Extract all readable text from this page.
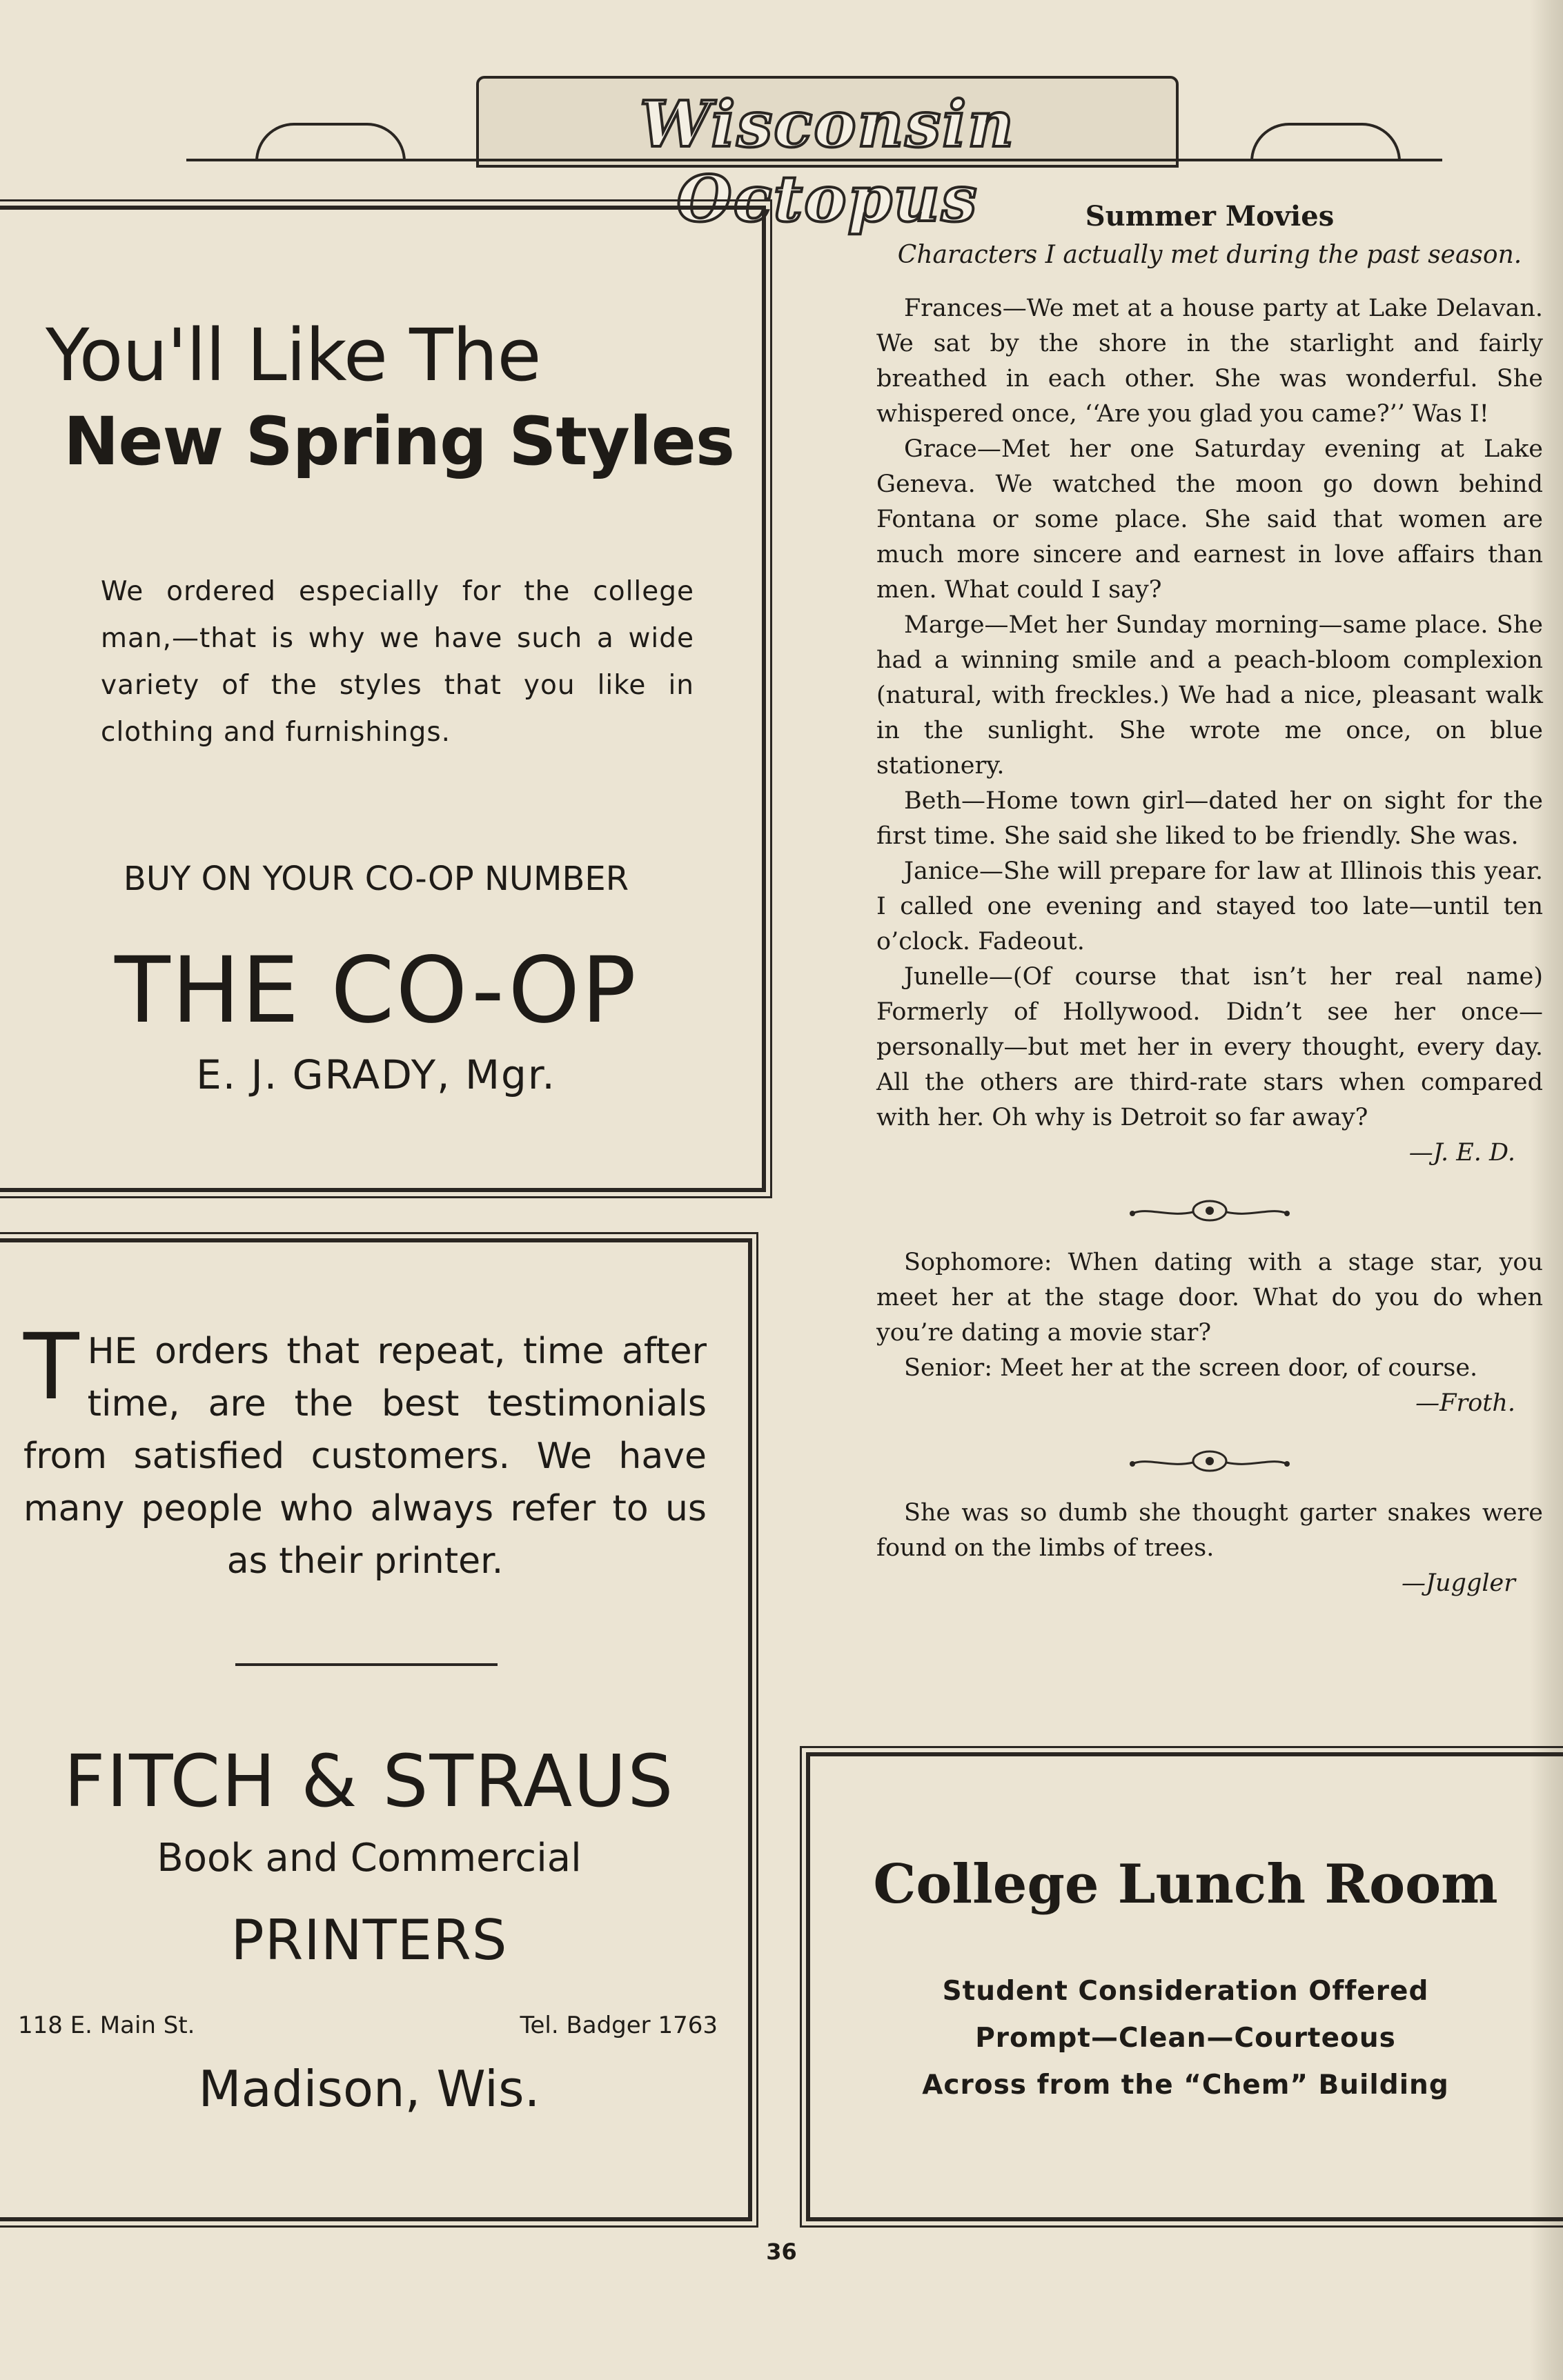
Wisconsin Octopus
You'll Like The
New Spring Styles
We ordered especially for the college man,—that is why we have such a wide variety of the styles that you like in clothing and furnishings.
BUY ON YOUR CO-OP NUMBER
THE CO-OP
E. J. GRADY, Mgr.
THE orders that repeat, time after time, are the best testimonials from satisfied customers. We have many people who always refer to us as their printer.
FITCH & STRAUS
Book and Commercial
PRINTERS
118 E. Main St.	Tel. Badger 1763
Madison, Wis.
Summer Movies
Characters I actually met during the past season.

Frances—We met at a house party at Lake Delavan. We sat by the shore in the starlight and fairly breathed in each other. She was wonderful. She whispered once, ‘‘Are you glad you came?’’ Was I!

Grace—Met her one Saturday evening at Lake Geneva. We watched the moon go down behind Fontana or some place. She said that women are much more sincere and earnest in love affairs than men. What could I say?

Marge—Met her Sunday morning—same place. She had a winning smile and a peach-bloom complexion (natural, with freckles.) We had a nice, pleasant walk in the sunlight. She wrote me once, on blue stationery.

Beth—Home town girl—dated her on sight for the first time. She said she liked to be friendly. She was.

Janice—She will prepare for law at Illinois this year. I called one evening and stayed too late—until ten o’clock. Fadeout.

Junelle—(Of course that isn’t her real name) Formerly of Hollywood. Didn’t see her once—personally—but met her in every thought, every day. All the others are third-rate stars when compared with her. Oh why is Detroit so far away?

—J. E. D.

Sophomore: When dating with a stage star, you meet her at the stage door. What do you do when you’re dating a movie star?

Senior: Meet her at the screen door, of course.

—Froth.

She was so dumb she thought garter snakes were found on the limbs of trees.

—Juggler
College Lunch Room
Student Consideration Offered
Prompt—Clean—Courteous
Across from the “Chem” Building
36
